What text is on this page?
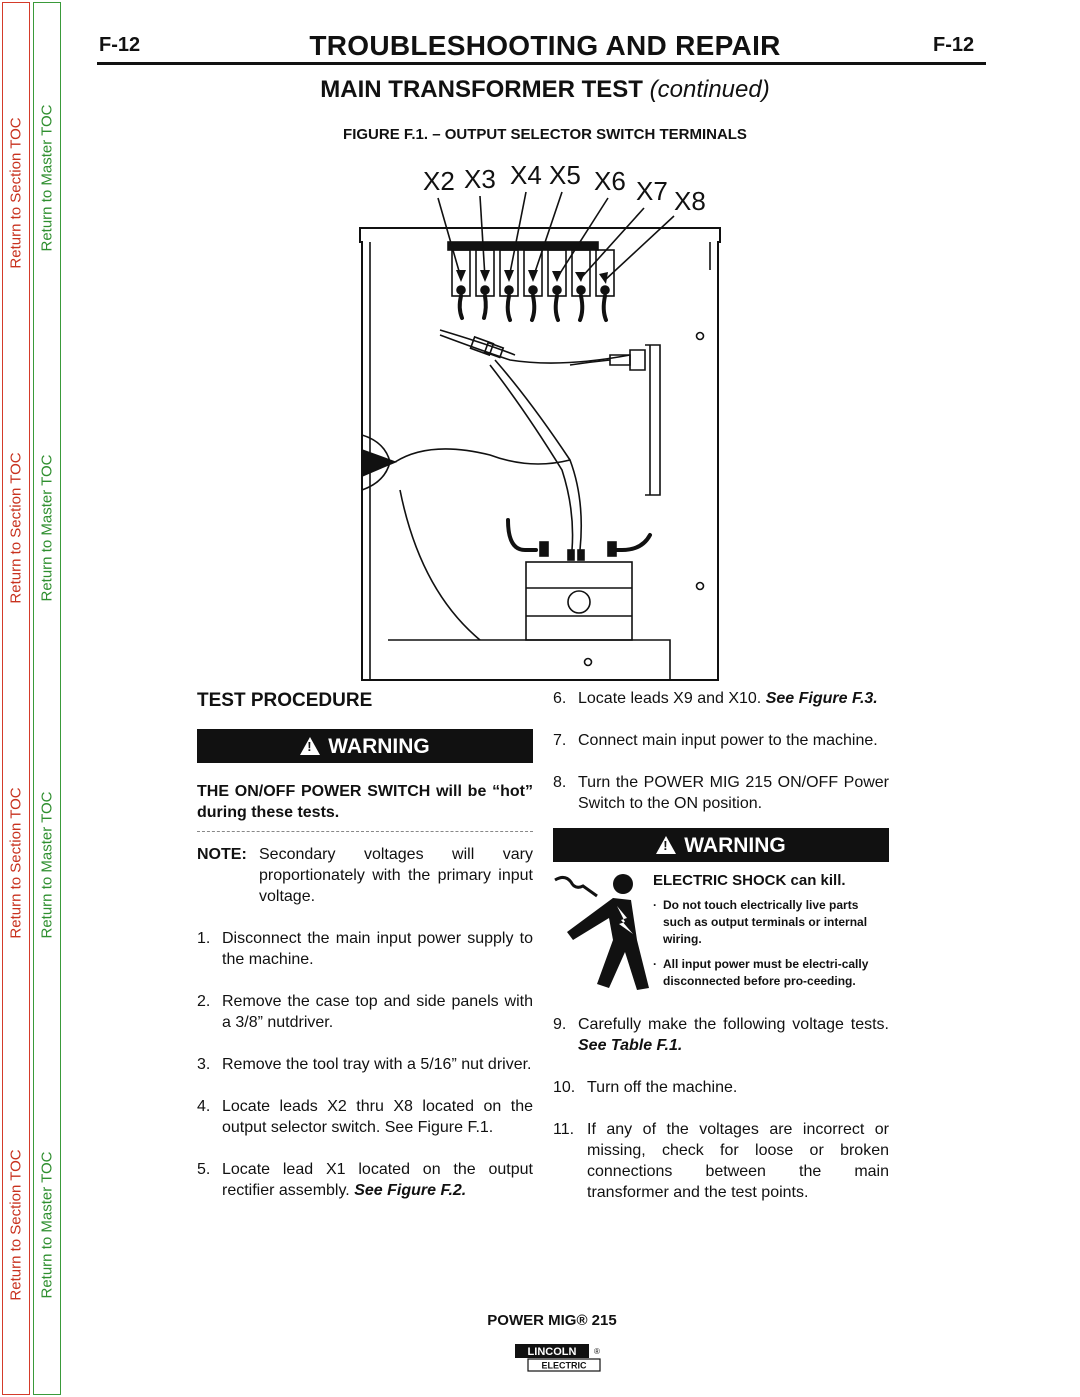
Return to Section TOC
Return to Section TOC
Return to Section TOC
Return to Section TOC
Return to Master TOC
Return to Master TOC
Return to Master TOC
Return to Master TOC
F-12	TROUBLESHOOTING AND REPAIR	F-12
MAIN TRANSFORMER TEST (continued)
FIGURE F.1. – OUTPUT SELECTOR SWITCH TERMINALS
X2 X3 X4 X5 X6 X7 X8
TEST PROCEDURE
! WARNING
THE ON/OFF POWER SWITCH will be “hot” during these tests.
NOTE: Secondary voltages will vary proportionately with the primary input voltage.
1. Disconnect the main input power supply to the machine.
2. Remove the case top and side panels with a 3/8” nutdriver.
3. Remove the tool tray with a 5/16” nut driver.
4. Locate leads X2 thru X8 located on the output selector switch. See Figure F.1.
5. Locate lead X1 located on the output rectifier assembly. See Figure F.2.
6. Locate leads X9 and X10. See Figure F.3.
7. Connect main input power to the machine.
8. Turn the POWER MIG 215 ON/OFF Power Switch to the ON position.
! WARNING
ELECTRIC SHOCK can kill.
· Do not touch electrically live parts such as output terminals or internal wiring.
· All input power must be electri-cally disconnected before pro-ceeding.
9. Carefully make the following voltage tests. See Table F.1.
10. Turn off the machine.
11. If any of the voltages are incorrect or missing, check for loose or broken connections between the main transformer and the test points.
POWER MIG® 215
LINCOLN ®
ELECTRIC
